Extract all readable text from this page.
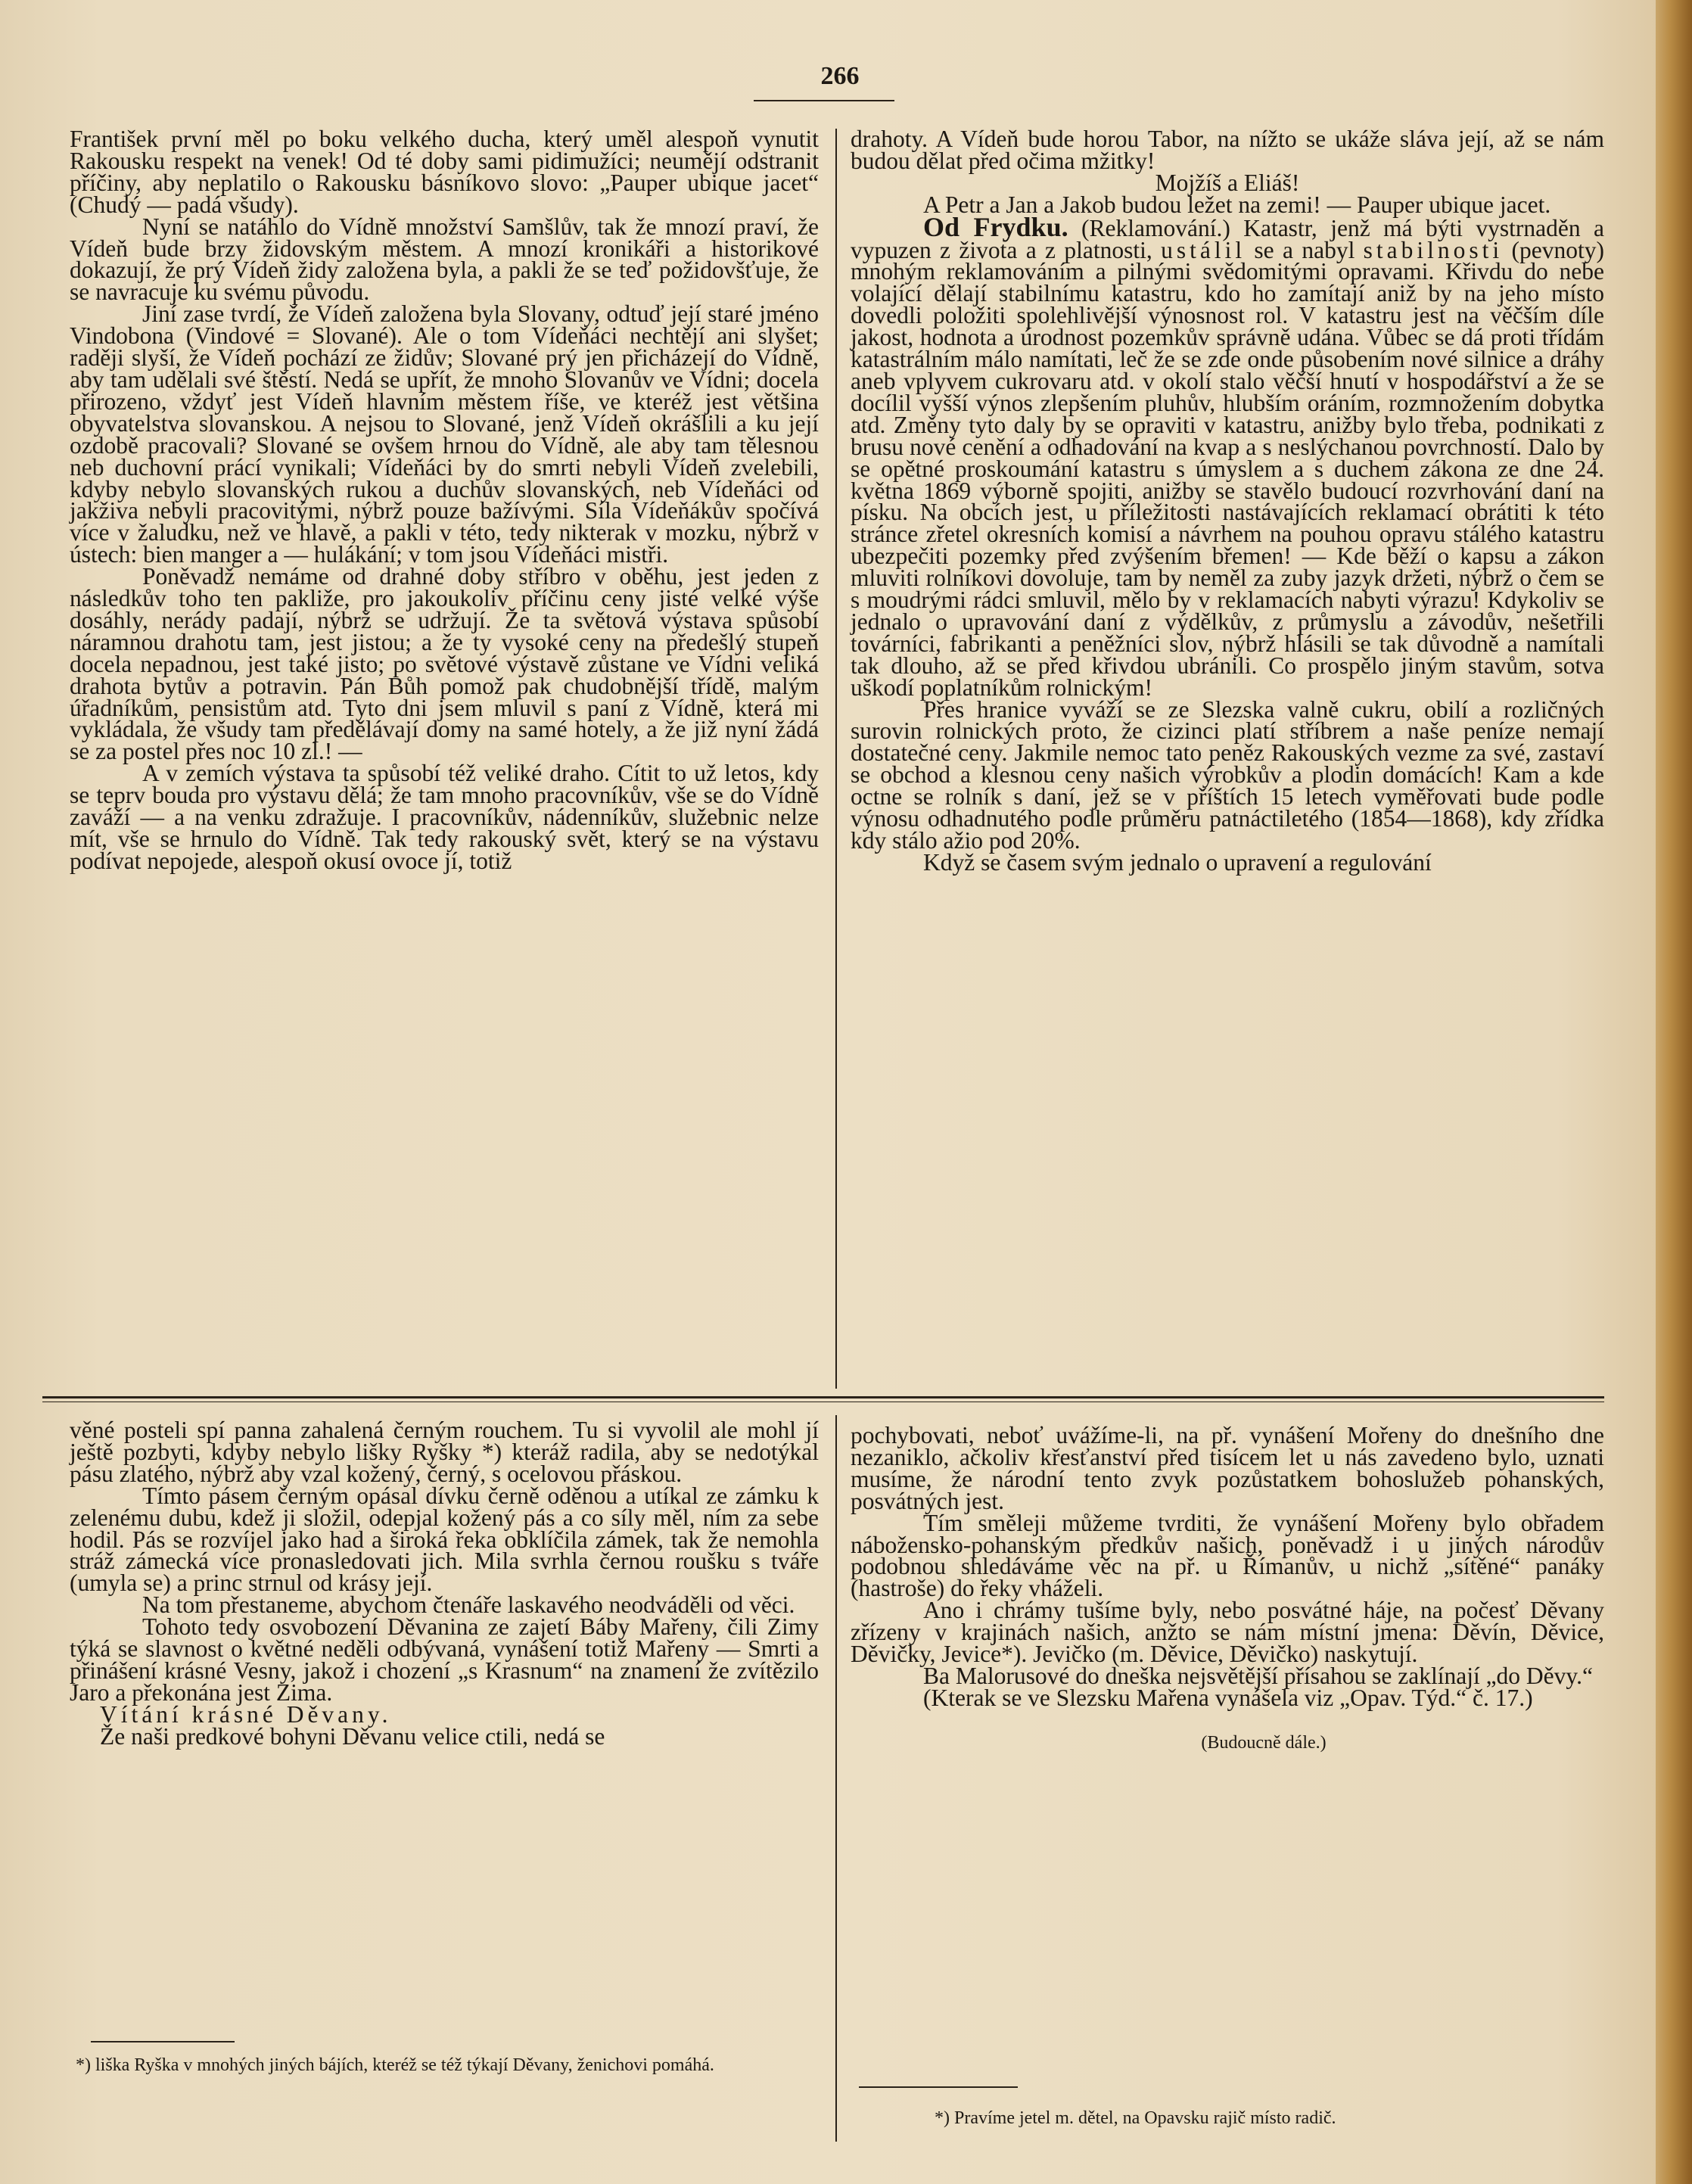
266

František první měl po boku velkého ducha, který uměl alespoň vynutit Rakousku respekt na venek! Od té doby sami pidimužíci; neumějí odstranit příčiny, aby neplatilo o Rakousku básníkovo slovo: „Pauper ubique jacet“ (Chudý — padá všudy).

Nyní se natáhlo do Vídně množství Samšlův, tak že mnozí praví, že Vídeň bude brzy židovským městem. A mnozí kronikáři a historikové dokazují, že prý Vídeň židy založena byla, a pakli že se teď požidovšťuje, že se navracuje ku svému původu.

Jiní zase tvrdí, že Vídeň založena byla Slovany, odtuď její staré jméno Vindobona (Vindové = Slované). Ale o tom Vídeňáci nechtějí ani slyšet; raději slyší, že Vídeň pochází ze židův; Slované prý jen přicházejí do Vídně, aby tam udělali své štěstí. Nedá se upřít, že mnoho Slovanův ve Vídni; docela přirozeno, vždyť jest Vídeň hlavním městem říše, ve kteréž jest většina obyvatelstva slovanskou. A nejsou to Slované, jenž Vídeň okrášlili a ku její ozdobě pracovali? Slované se ovšem hrnou do Vídně, ale aby tam tělesnou neb duchovní prácí vynikali; Vídeňáci by do smrti nebyli Vídeň zvelebili, kdyby nebylo slovanských rukou a duchův slovanských, neb Vídeňáci od jakživa nebyli pracovitými, nýbrž pouze bažívými. Síla Vídeňákův spočívá více v žaludku, než ve hlavě, a pakli v této, tedy nikterak v mozku, nýbrž v ústech: bien manger a — hulákání; v tom jsou Vídeňáci mistři.

Poněvadž nemáme od drahné doby stříbro v oběhu, jest jeden z následkův toho ten pakliže, pro jakoukoliv příčinu ceny jisté velké výše dosáhly, nerády padají, nýbrž se udržují. Že ta světová výstava spůsobí náramnou drahotu tam, jest jistou; a že ty vysoké ceny na předešlý stupeň docela nepadnou, jest také jisto; po světové výstavě zůstane ve Vídni veliká drahota bytův a potravin. Pán Bůh pomož pak chudobnější třídě, malým úřadníkům, pensistům atd. Tyto dni jsem mluvil s paní z Vídně, která mi vykládala, že všudy tam předělávají domy na samé hotely, a že již nyní žádá se za postel přes noc 10 zl.! —

A v zemích výstava ta spůsobí též veliké draho. Cítit to už letos, kdy se teprv bouda pro výstavu dělá; že tam mnoho pracovníkův, vše se do Vídně zaváží — a na venku zdražuje. I pracovníkův, nádenníkův, služebnic nelze mít, vše se hrnulo do Vídně. Tak tedy rakouský svět, který se na výstavu podívat nepojede, alespoň okusí ovoce jí, totiž

drahoty. A Vídeň bude horou Tabor, na nížto se ukáže sláva její, až se nám budou dělat před očima mžitky!

Mojžíš a Eliáš!

A Petr a Jan a Jakob budou ležet na zemi! — Pauper ubique jacet.

Od Frydku. (Reklamování.) Katastr, jenž má býti vystrnaděn a vypuzen z života a z platnosti, ustálil se a nabyl stabilnosti (pevnoty) mnohým reklamováním a pilnými svědomitými opravami. Křivdu do nebe volající dělají stabilnímu katastru, kdo ho zamítají aniž by na jeho místo dovedli položiti spolehlivější výnosnost rol. V katastru jest na věčším díle jakost, hodnota a úrodnost pozemkův správně udána. Vůbec se dá proti třídám katastrálním málo namítati, leč že se zde onde působením nové silnice a dráhy aneb vplyvem cukrovaru atd. v okolí stalo věčší hnutí v hospodářství a že se docílil vyšší výnos zlepšením pluhův, hlubším oráním, rozmnožením dobytka atd. Změny tyto daly by se opraviti v katastru, anižby bylo třeba, podnikati z brusu nové cenění a odhadování na kvap a s neslýchanou povrchností. Dalo by se opětné proskoumání katastru s úmyslem a s duchem zákona ze dne 24. května 1869 výborně spojiti, anižby se stavělo budoucí rozvrhování daní na písku. Na obcích jest, u příležitosti nastávajících reklamací obrátiti k této stránce zřetel okresních komisí a návrhem na pouhou opravu stálého katastru ubezpečiti pozemky před zvýšením břemen! — Kde běží o kapsu a zákon mluviti rolníkovi dovoluje, tam by neměl za zuby jazyk držeti, nýbrž o čem se s moudrými rádci smluvil, mělo by v reklamacích nabyti výrazu! Kdykoliv se jednalo o upravování daní z výdělkův, z průmyslu a závodův, nešetřili továrníci, fabrikanti a peněžníci slov, nýbrž hlásili se tak důvodně a namítali tak dlouho, až se před křivdou ubránili. Co prospělo jiným stavům, sotva uškodí poplatníkům rolnickým!

Přes hranice vyváží se ze Slezska valně cukru, obilí a rozličných surovin rolnických proto, že cizinci platí stříbrem a naše peníze nemají dostatečné ceny. Jakmile nemoc tato peněz Rakouských vezme za své, zastaví se obchod a klesnou ceny našich výrobkův a plodin domácích! Kam a kde octne se rolník s daní, jež se v příštích 15 letech vyměřovati bude podle výnosu odhadnutého podle průměru patnáctiletého (1854—1868), kdy zřídka kdy stálo ažio pod 20%.

Když se časem svým jednalo o upravení a regulování

věné posteli spí panna zahalená černým rouchem. Tu si vyvolil ale mohl jí ještě pozbyti, kdyby nebylo lišky Ryšky *) kteráž radila, aby se nedotýkal pásu zlatého, nýbrž aby vzal kožený, černý, s ocelovou přáskou.

Tímto pásem černým opásal dívku černě oděnou a utíkal ze zámku k zelenému dubu, kdež ji složil, odepjal kožený pás a co síly měl, ním za sebe hodil. Pás se rozvíjel jako had a široká řeka obklíčila zámek, tak že nemohla stráž zámecká více pronasledovati jich. Mila svrhla černou roušku s tváře (umyla se) a princ strnul od krásy její.

Na tom přestaneme, abychom čtenáře laskavého neodváděli od věci.

Tohoto tedy osvobození Děvanina ze zajetí Báby Mařeny, čili Zimy týká se slavnost o květné neděli odbývaná, vynášení totiž Mařeny — Smrti a přinášení krásné Vesny, jakož i chození „s Krasnum“ na znamení že zvítězilo Jaro a překonána jest Zima.

Vítání krásné Děvany.

Že naši predkové bohyni Děvanu velice ctili, nedá se

pochybovati, neboť uvážíme-li, na př. vynášení Mořeny do dnešního dne nezaniklo, ačkoliv křesťanství před tisícem let u nás zavedeno bylo, uznati musíme, že národní tento zvyk pozůstatkem bohoslužeb pohanských, posvátných jest.

Tím směleji můžeme tvrditi, že vynášení Mořeny bylo obřadem nábožensko-pohanským předkův našich, poněvadž i u jiných národův podobnou shledáváme věc na př. u Římanův, u nichž „sítěné“ panáky (hastroše) do řeky vháželi.

Ano i chrámy tušíme byly, nebo posvátné háje, na počesť Děvany zřízeny v krajinách našich, anžto se nám místní jmena: Děvín, Děvice, Děvičky, Jevice*). Jevičko (m. Děvice, Děvičko) naskytují.

Ba Malorusové do dneška nejsvětější přísahou se zaklínají „do Děvy.“

(Kterak se ve Slezsku Mařena vynášela viz „Opav. Týd.“ č. 17.)

(Budoucně dále.)

*) liška Ryška v mnohých jiných bájích, kteréž se též týkají Děvany, ženichovi pomáhá.
*) Pravíme jetel m. dětel, na Opavsku rajič místo radič.
